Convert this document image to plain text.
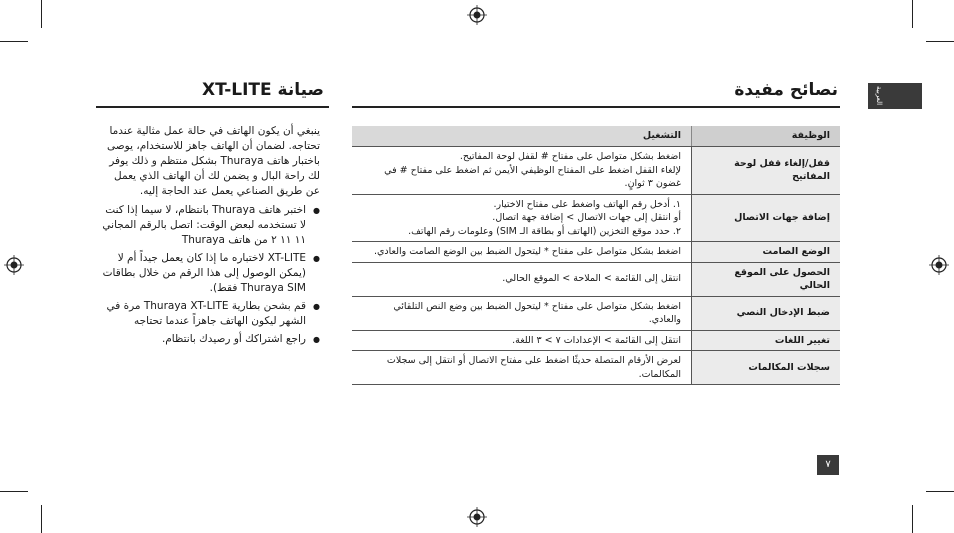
العربية
صيانة XT-LITE	نصائح مفيدة

ينبغي أن يكون الهاتف في حالة عمل مثالية عندما تحتاجه. لضمان أن الهاتف جاهز للاستخدام، يوصى باختبار هاتف Thuraya بشكل منتظم و ذلك يوفر لك راحة البال و يضمن لك أن الهاتف الذي يعمل عن طريق الصناعي يعمل عند الحاجة إليه.

● اختبر هاتف Thuraya بانتظام، لا سيما إذا كنت لا تستخدمه لبعض الوقت: اتصل بالرقم المجاني ١١ ١١ ٢ من هاتف Thuraya
● XT-LITE لاختباره ما إذا كان يعمل جيداً أم لا (يمكن الوصول إلى هذا الرقم من خلال بطاقات Thuraya SIM فقط).
● قم بشحن بطارية Thuraya XT-LITE مرة في الشهر ليكون الهاتف جاهزاً عندما تحتاجه
● راجع اشتراكك أو رصيدك بانتظام.
الوظيفة	التشغيل
قفل/إلغاء قفل لوحة المفاتيح	اضغط بشكل متواصل على مفتاح # لقفل لوحة المفاتيح.
لإلغاء القفل اضغط على المفتاح الوظيفي الأيمن ثم اضغط على مفتاح # في غضون ٣ ثوانٍ.

إضافة جهات الاتصال	١. أدخل رقم الهاتف واضغط على مفتاح الاختيار.
أو انتقل إلى جهات الاتصال > إضافة جهة اتصال.
٢. حدد موقع التخزين (الهاتف أو بطاقة الـ SIM) وعلومات رقم الهاتف.

الوضع الصامت	اضغط بشكل متواصل على مفتاح * ليتحول الضبط بين الوضع الصامت والعادي.

الحصول على الموقع الحالي	انتقل إلى القائمة > الملاحة > الموقع الحالي.

ضبط الإدخال النصي	اضغط بشكل متواصل على مفتاح * ليتحول الضبط بين وضع النص التلقائي والعادي.

تغيير اللغات	انتقل إلى القائمة > الإعدادات ٧ > ٣ اللغة.

سجلات المكالمات	لعرض الأرقام المتصلة حديثًا اضغط على مفتاح الاتصال أو انتقل إلى سجلات المكالمات.
٧
